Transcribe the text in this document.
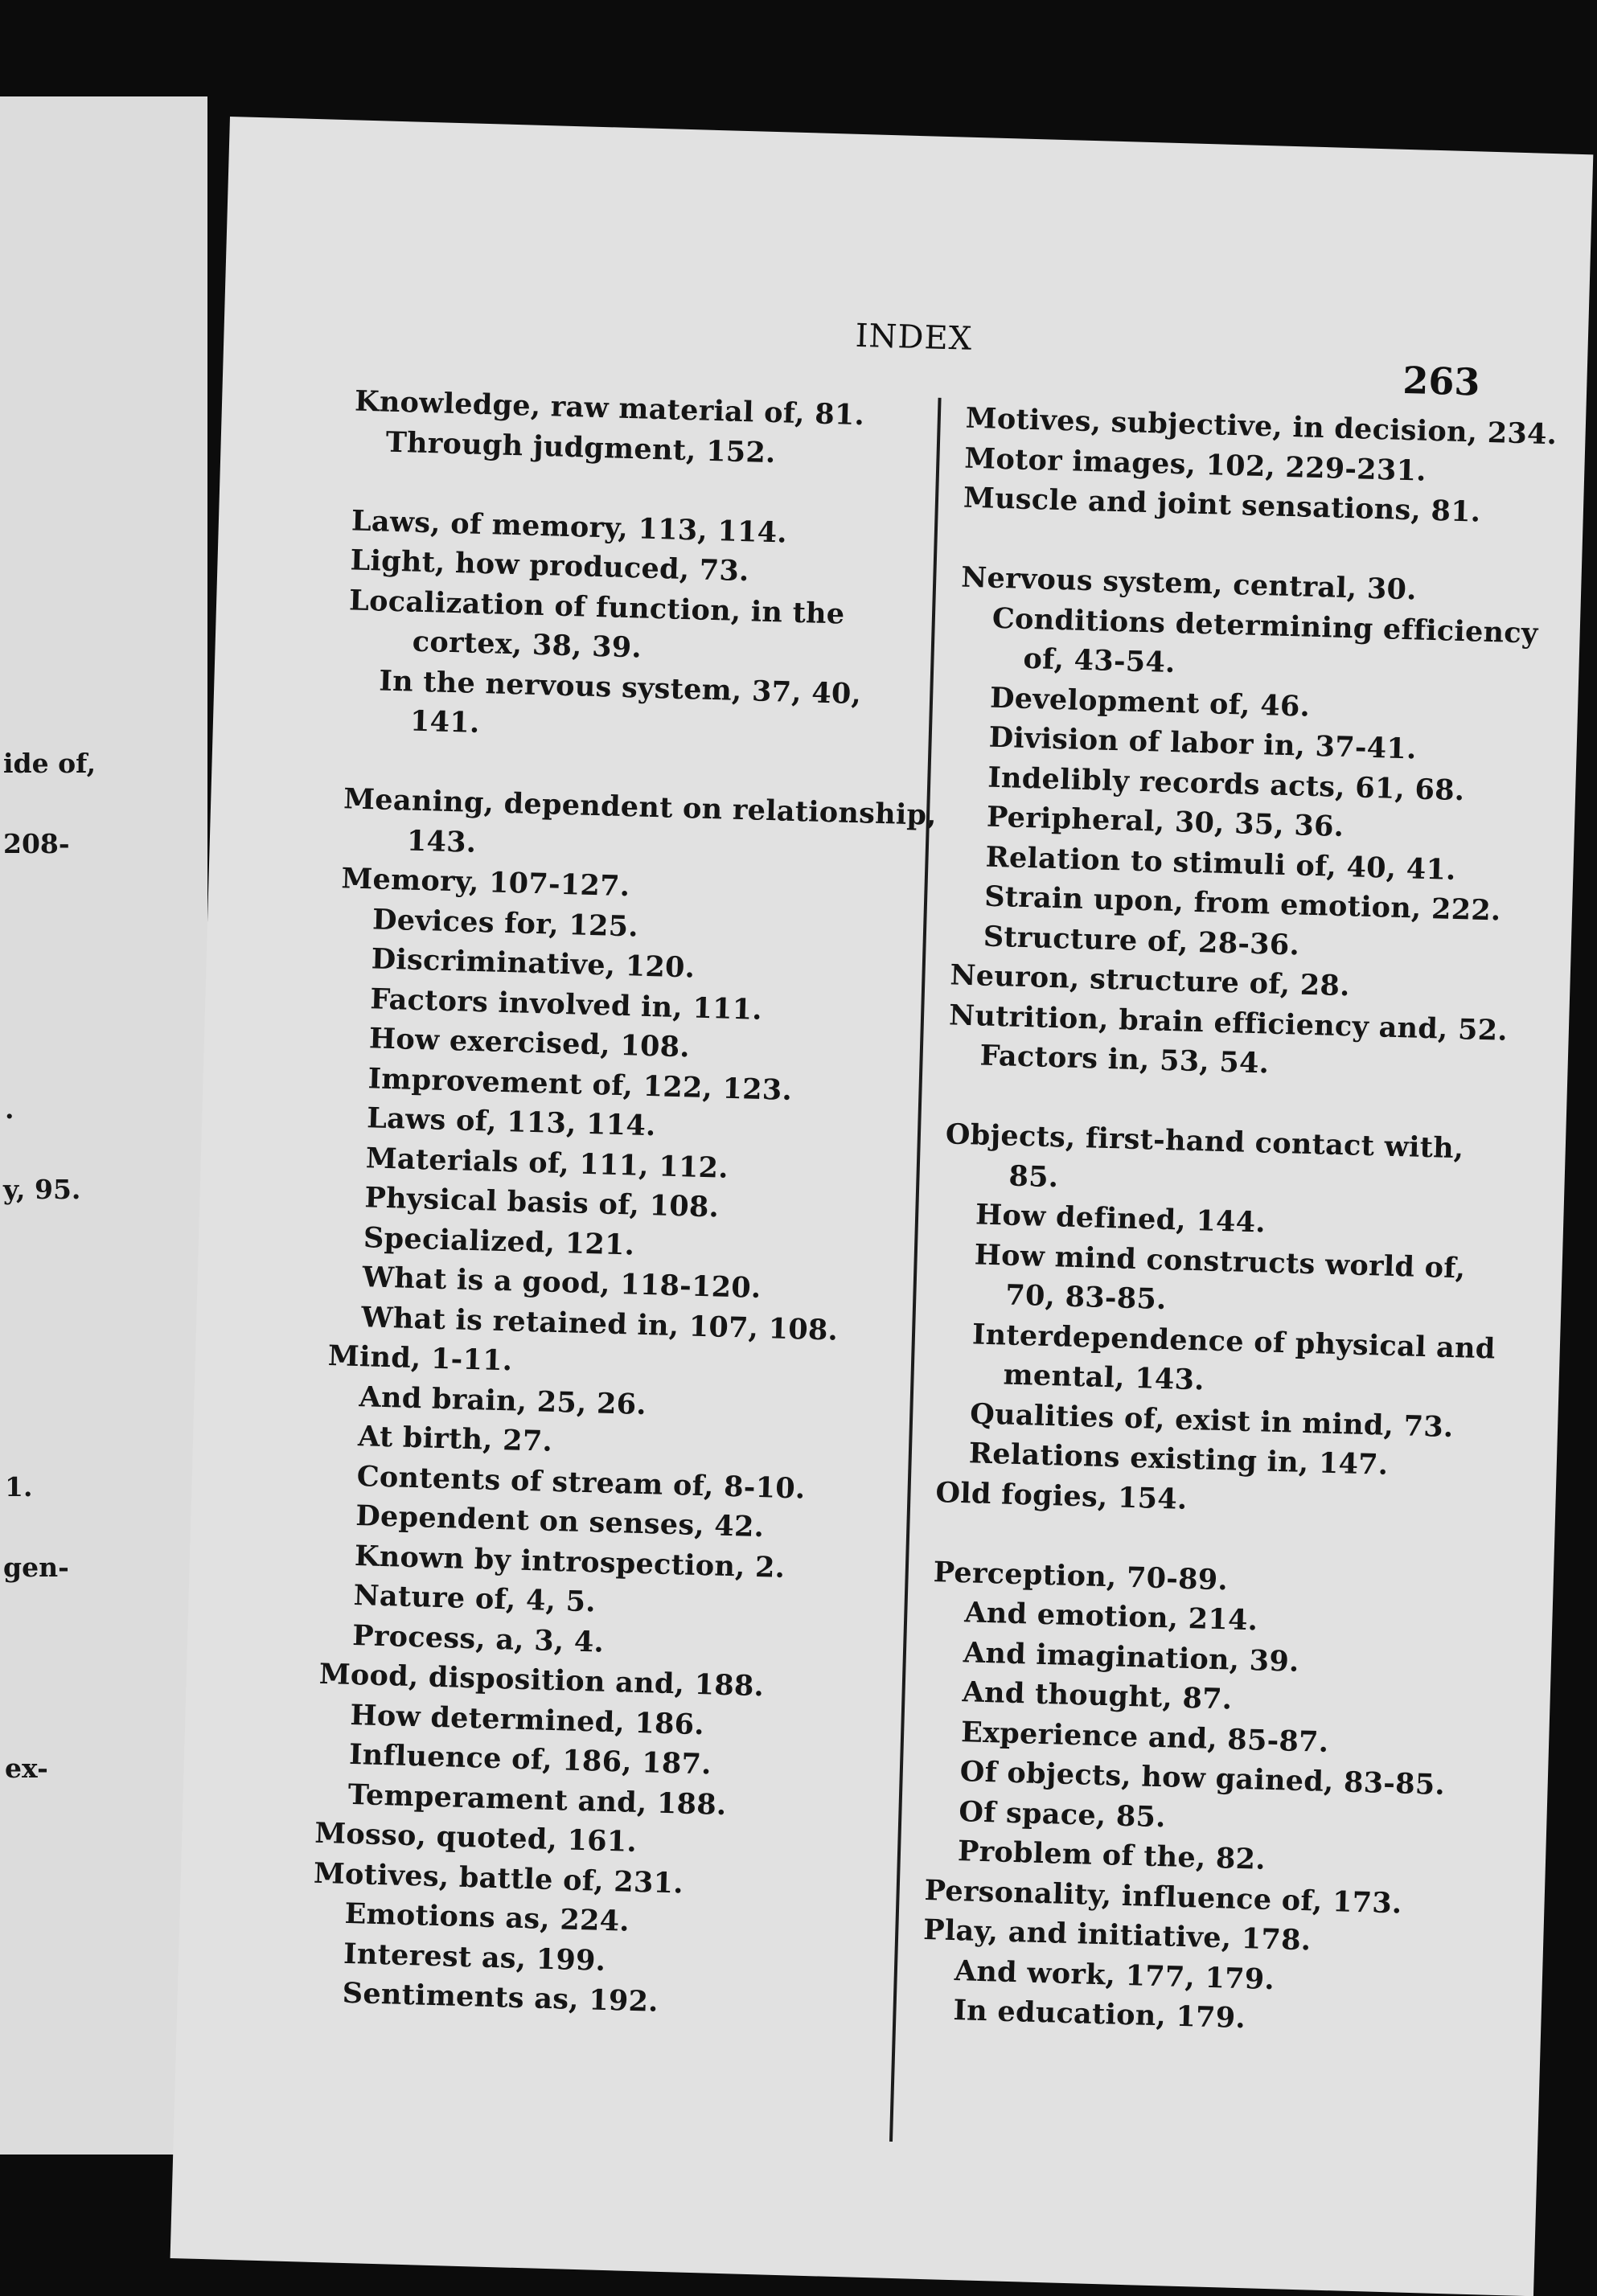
ide of,
208-
.
y, 95.
1.
gen-
ex-
INDEX
263
Knowledge, raw material of, 81.
Through judgment, 152.
Laws, of memory, 113, 114.
Light, how produced, 73.
Localization of function, in the
cortex, 38, 39.
In the nervous system, 37, 40,
141.
Meaning, dependent on relationship,
143.
Memory, 107-127.
Devices for, 125.
Discriminative, 120.
Factors involved in, 111.
How exercised, 108.
Improvement of, 122, 123.
Laws of, 113, 114.
Materials of, 111, 112.
Physical basis of, 108.
Specialized, 121.
What is a good, 118-120.
What is retained in, 107, 108.
Mind, 1-11.
And brain, 25, 26.
At birth, 27.
Contents of stream of, 8-10.
Dependent on senses, 42.
Known by introspection, 2.
Nature of, 4, 5.
Process, a, 3, 4.
Mood, disposition and, 188.
How determined, 186.
Influence of, 186, 187.
Temperament and, 188.
Mosso, quoted, 161.
Motives, battle of, 231.
Emotions as, 224.
Interest as, 199.
Sentiments as, 192.
Motives, subjective, in decision, 234.
Motor images, 102, 229-231.
Muscle and joint sensations, 81.
Nervous system, central, 30.
Conditions determining efficiency
of, 43-54.
Development of, 46.
Division of labor in, 37-41.
Indelibly records acts, 61, 68.
Peripheral, 30, 35, 36.
Relation to stimuli of, 40, 41.
Strain upon, from emotion, 222.
Structure of, 28-36.
Neuron, structure of, 28.
Nutrition, brain efficiency and, 52.
Factors in, 53, 54.
Objects, first-hand contact with,
85.
How defined, 144.
How mind constructs world of,
70, 83-85.
Interdependence of physical and
mental, 143.
Qualities of, exist in mind, 73.
Relations existing in, 147.
Old fogies, 154.
Perception, 70-89.
And emotion, 214.
And imagination, 39.
And thought, 87.
Experience and, 85-87.
Of objects, how gained, 83-85.
Of space, 85.
Problem of the, 82.
Personality, influence of, 173.
Play, and initiative, 178.
And work, 177, 179.
In education, 179.
